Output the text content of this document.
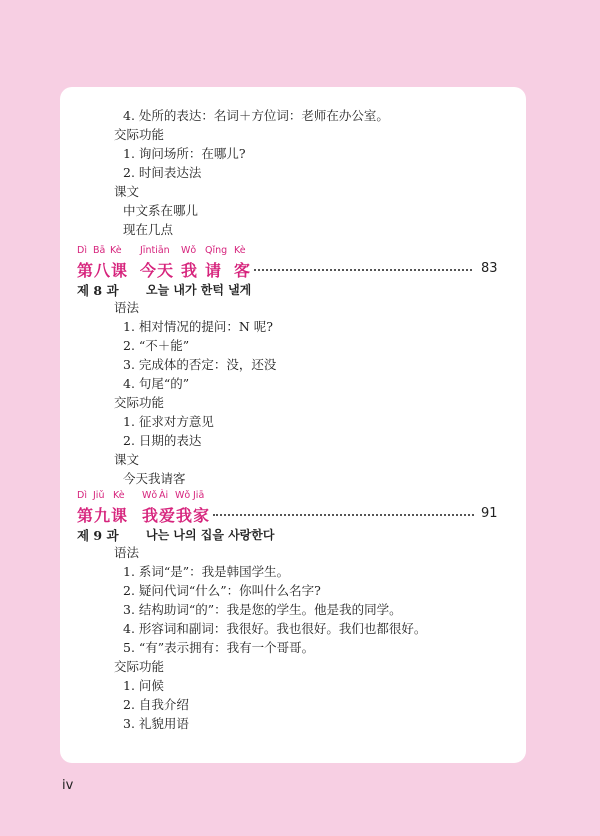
4. 处所的表达：名词＋方位词：老师在办公室。
交际功能
1. 询问场所：在哪儿?
2. 时间表达法
课文
中文系在哪儿
现在几点
Dì Bā Kè Jīntiān Wǒ Qǐng Kè
第八课 今天 我 请 客	83
제 8 과 오늘 내가 한턱 낼게
语法
1. 相对情况的提问：N 呢?
2. “不＋能”
3. 完成体的否定：没，还没
4. 句尾“的”
交际功能
1. 征求对方意见
2. 日期的表达
课文
今天我请客
Dì Jiǔ Kè Wǒ Ài Wǒ Jiā
第九课 我爱我家	91
제 9 과 나는 나의 집을 사랑한다
语法
1. 系词“是”：我是韩国学生。
2. 疑问代词“什么”：你叫什么名字?
3. 结构助词“的”：我是您的学生。他是我的同学。
4. 形容词和副词：我很好。我也很好。我们也都很好。
5. “有”表示拥有：我有一个哥哥。
交际功能
1. 问候
2. 自我介绍
3. 礼貌用语
iv
